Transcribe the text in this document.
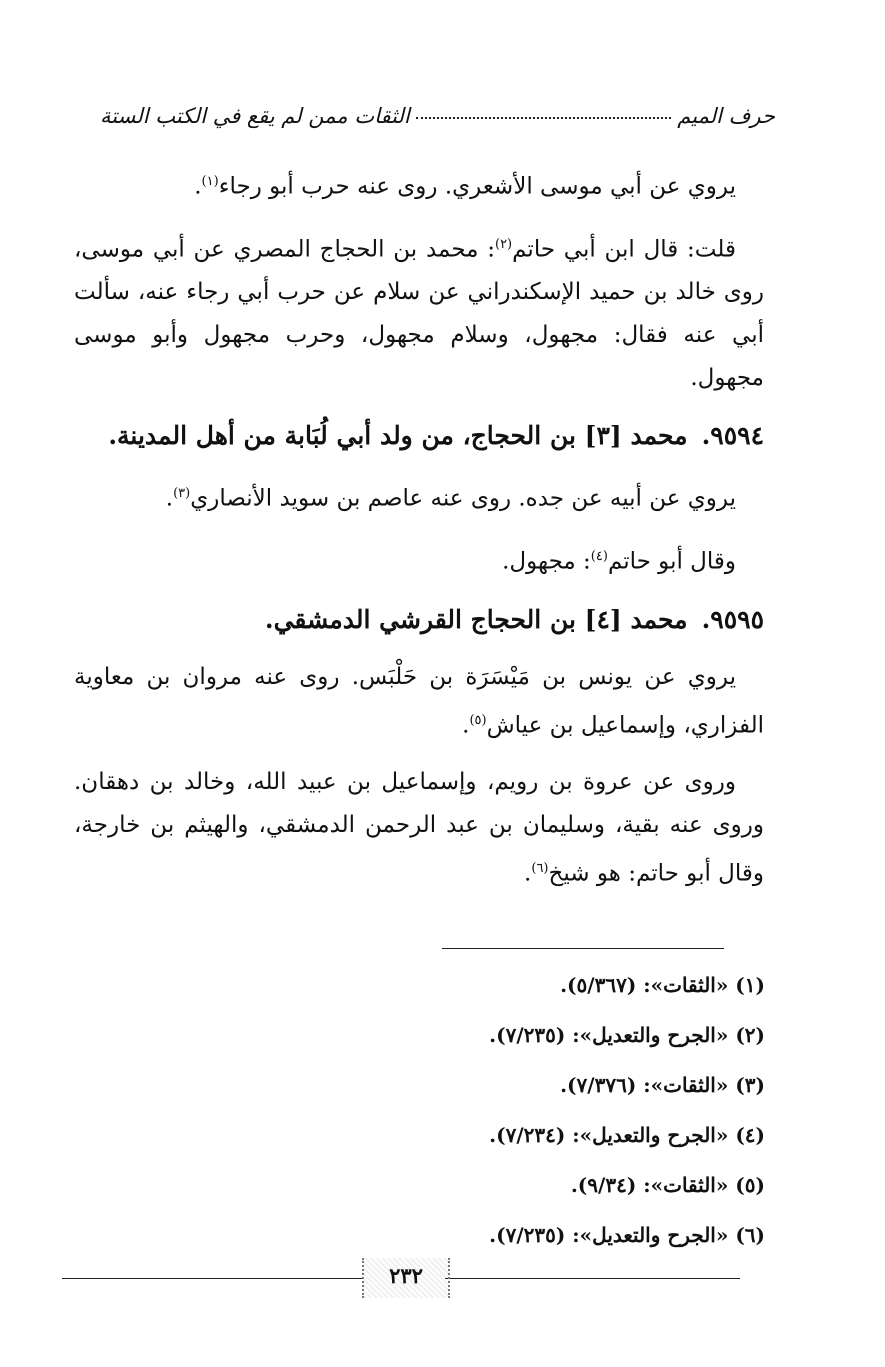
حرف الميم
الثقات ممن لم يقع في الكتب الستة

يروي عن أبي موسى الأشعري. روى عنه حرب أبو رجاء$^{(١)}$.

قلت: قال ابن أبي حاتم$^{(٢)}$: محمد بن الحجاج المصري عن أبي موسى، روى خالد بن حميد الإسكندراني عن سلام عن حرب أبي رجاء عنه، سألت أبي عنه فقال: مجهول، وسلام مجهول، وحرب مجهول وأبو موسى مجهول.

٩٥٩٤.محمد [٣] بن الحجاج، من ولد أبي لُبَابة من أهل المدينة.

يروي عن أبيه عن جده. روى عنه عاصم بن سويد الأنصاري$^{(٣)}$.

وقال أبو حاتم$^{(٤)}$: مجهول.

٩٥٩٥.محمد [٤] بن الحجاج القرشي الدمشقي.

يروي عن يونس بن مَيْسَرَة بن حَلْبَس. روى عنه مروان بن معاوية الفزاري، وإسماعيل بن عياش$^{(٥)}$.

وروى عن عروة بن رويم، وإسماعيل بن عبيد الله، وخالد بن دهقان. وروى عنه بقية، وسليمان بن عبد الرحمن الدمشقي، والهيثم بن خارجة، وقال أبو حاتم: هو شيخ$^{(٦)}$.

(١) «الثقات»: (٥/٣٦٧).
(٢) «الجرح والتعديل»: (٧/٢٣٥).
(٣) «الثقات»: (٧/٣٧٦).
(٤) «الجرح والتعديل»: (٧/٢٣٤).
(٥) «الثقات»: (٩/٣٤).
(٦) «الجرح والتعديل»: (٧/٢٣٥).
٢٣٢
